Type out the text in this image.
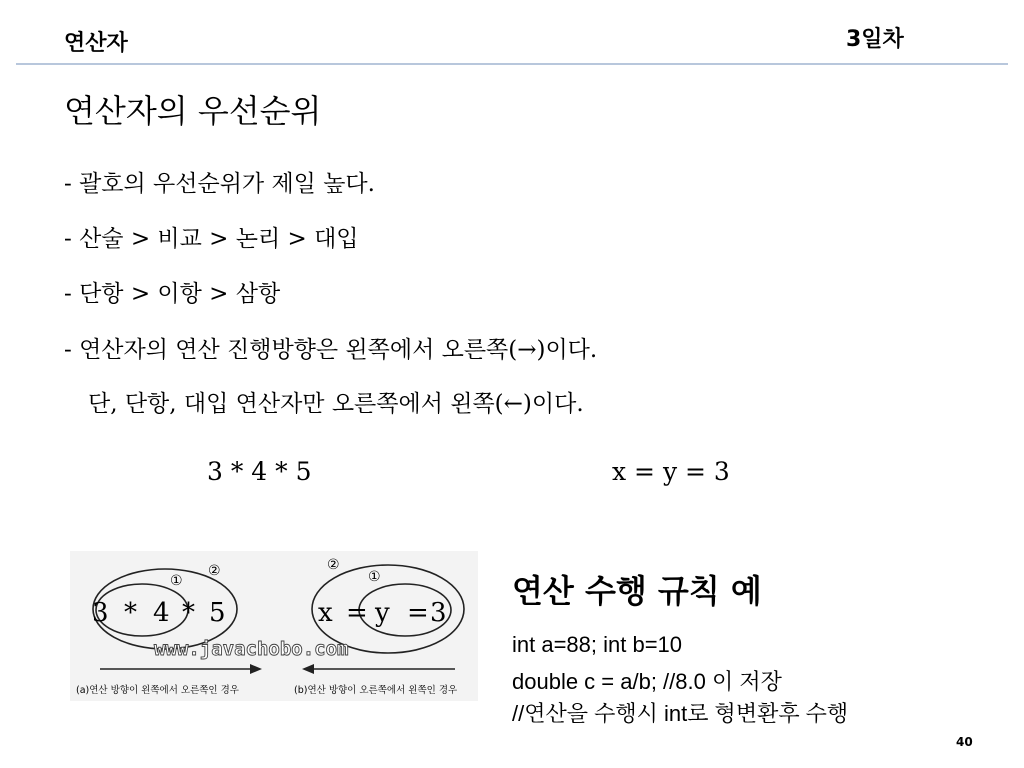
연산자	3일차
연산자의 우선순위
- 괄호의 우선순위가 제일 높다.
- 산술 > 비교 > 논리 > 대입
- 단항 > 이항 > 삼항
- 연산자의 연산 진행방향은 왼쪽에서 오른쪽(→)이다.
단, 단항, 대입 연산자만 오른쪽에서 왼쪽(←)이다.
3 * 4 * 5	x = y = 3
3 * 4 * 5
①
②
x = y = 3
①
②
www.javachobo.com
(a)연산 방향이 왼쪽에서 오른쪽인 경우	(b)연산 방향이 오른쪽에서 왼쪽인 경우
연산 수행 규칙 예
int a=88; int b=10
double c = a/b; //8.0 이 저장
//연산을 수행시 int로 형변환후 수행
40
